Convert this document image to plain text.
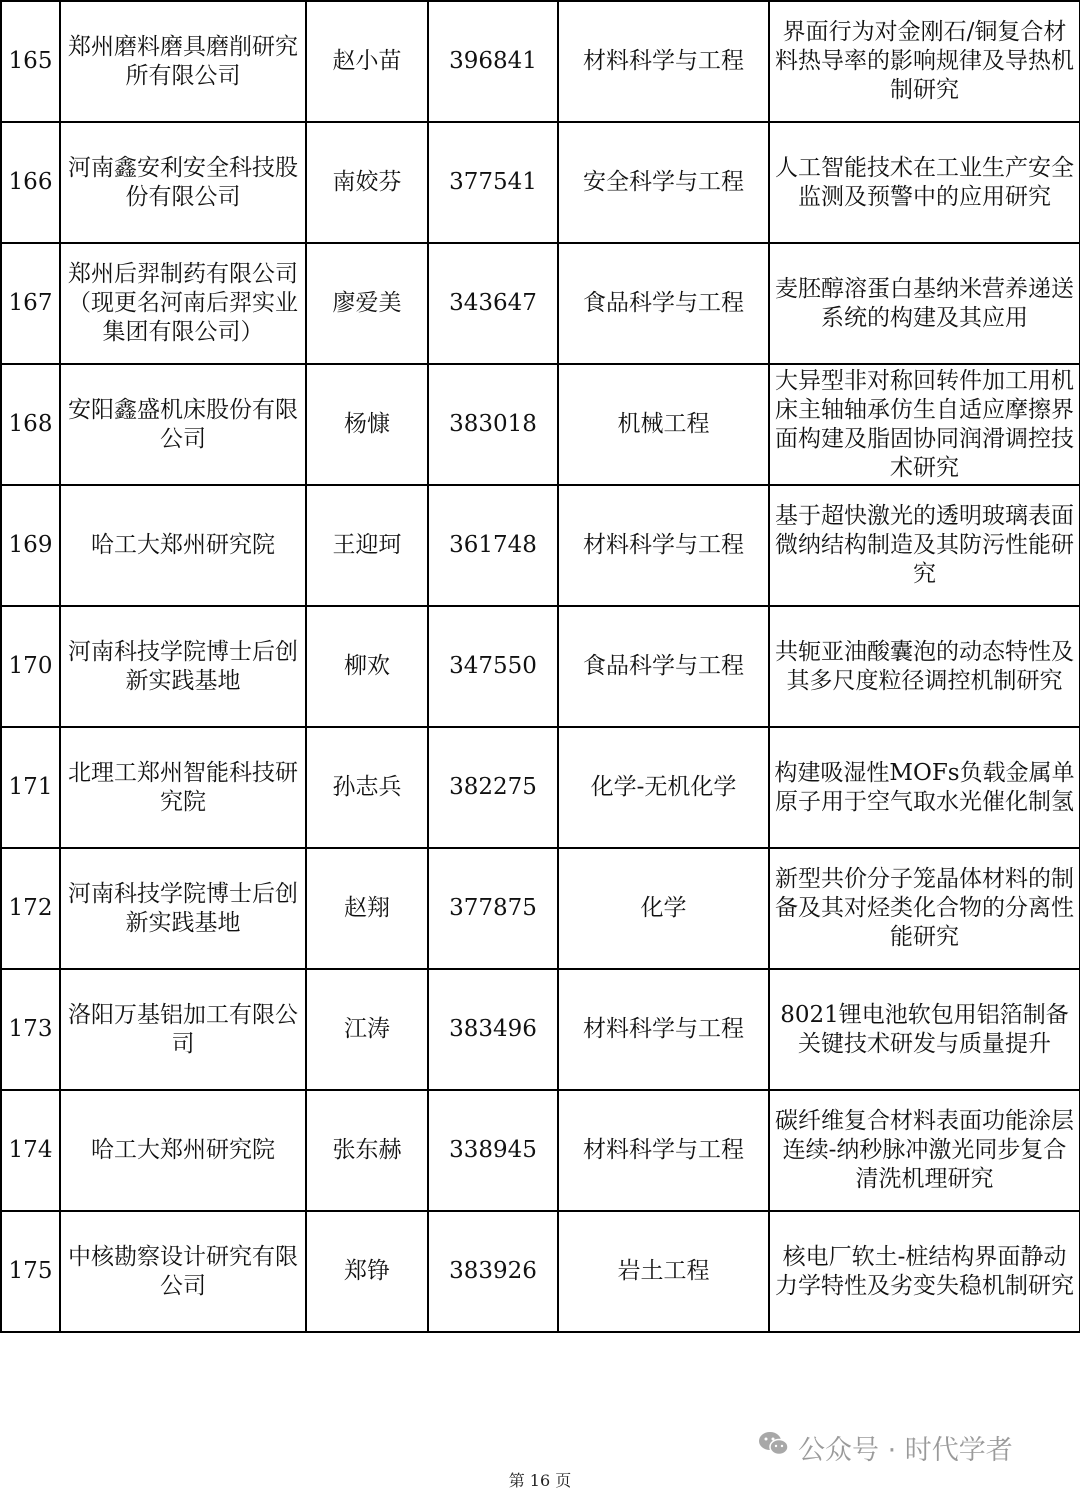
165	郑州磨料磨具磨削研究所有限公司	赵小苗	396841	材料科学与工程	界面行为对金刚石/铜复合材料热导率的影响规律及导热机制研究
166	河南鑫安利安全科技股份有限公司	南姣芬	377541	安全科学与工程	人工智能技术在工业生产安全监测及预警中的应用研究
167	郑州后羿制药有限公司（现更名河南后羿实业集团有限公司）	廖爱美	343647	食品科学与工程	麦胚醇溶蛋白基纳米营养递送系统的构建及其应用
168	安阳鑫盛机床股份有限公司	杨慷	383018	机械工程	大异型非对称回转件加工用机床主轴轴承仿生自适应摩擦界面构建及脂固协同润滑调控技术研究
169	哈工大郑州研究院	王迎珂	361748	材料科学与工程	基于超快激光的透明玻璃表面微纳结构制造及其防污性能研究
170	河南科技学院博士后创新实践基地	柳欢	347550	食品科学与工程	共轭亚油酸囊泡的动态特性及其多尺度粒径调控机制研究
171	北理工郑州智能科技研究院	孙志兵	382275	化学-无机化学	构建吸湿性MOFs负载金属单原子用于空气取水光催化制氢
172	河南科技学院博士后创新实践基地	赵翔	377875	化学	新型共价分子笼晶体材料的制备及其对烃类化合物的分离性能研究
173	洛阳万基铝加工有限公司	江涛	383496	材料科学与工程	8021锂电池软包用铝箔制备关键技术研发与质量提升
174	哈工大郑州研究院	张东赫	338945	材料科学与工程	碳纤维复合材料表面功能涂层连续-纳秒脉冲激光同步复合清洗机理研究
175	中核勘察设计研究有限公司	郑铮	383926	岩土工程	核电厂软土-桩结构界面静动力学特性及劣变失稳机制研究
公众号 · 时代学者
第 16 页
